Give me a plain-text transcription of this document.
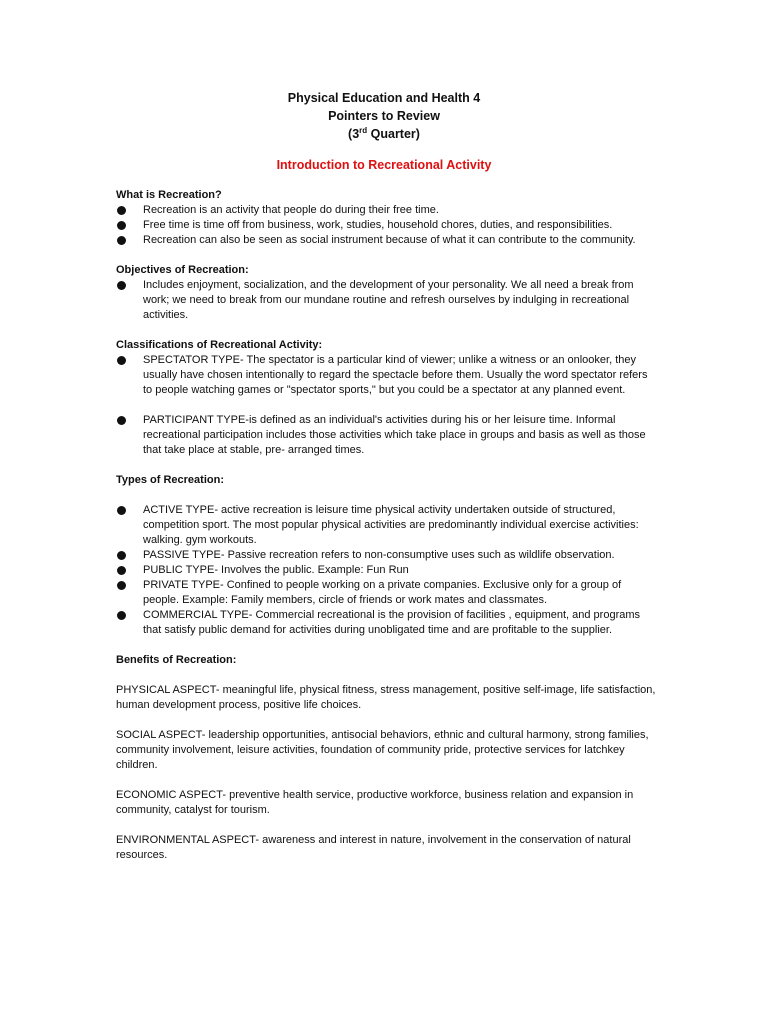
Physical Education and Health 4
Pointers to Review
(3rd Quarter)
Introduction to Recreational Activity
What is Recreation?
Recreation is an activity that people do during their free time.
Free time is time off from business, work, studies, household chores, duties, and responsibilities.
Recreation can also be seen as social instrument because of what it can contribute to the community.
Objectives of Recreation:
Includes enjoyment, socialization, and the development of your personality. We all need a break from work; we need to break from our mundane routine and refresh ourselves by indulging in recreational activities.
Classifications of Recreational Activity:
SPECTATOR TYPE- The spectator is a particular kind of viewer; unlike a witness or an onlooker, they usually have chosen intentionally to regard the spectacle before them. Usually the word spectator refers to people watching games or "spectator sports," but you could be a spectator at any planned event.
PARTICIPANT TYPE-is defined as an individual's activities during his or her leisure time. Informal recreational participation includes those activities which take place in groups and basis as well as those that take place at stable, pre- arranged times.
Types of Recreation:
ACTIVE TYPE- active recreation is leisure time physical activity undertaken outside of structured, competition sport. The most popular physical activities are predominantly individual exercise activities: walking. gym workouts.
PASSIVE TYPE- Passive recreation refers to non-consumptive uses such as wildlife observation.
PUBLIC TYPE- Involves the public. Example: Fun Run
PRIVATE TYPE- Confined to people working on a private companies. Exclusive only for a group of people. Example: Family members, circle of friends or work mates and classmates.
COMMERCIAL TYPE- Commercial recreational is the provision of facilities , equipment, and programs that satisfy public demand for activities during unobligated time and are profitable to the supplier.
Benefits of Recreation:

PHYSICAL ASPECT- meaningful life, physical fitness, stress management, positive self-image, life satisfaction, human development process, positive life choices.

SOCIAL ASPECT- leadership opportunities, antisocial behaviors, ethnic and cultural harmony, strong families, community involvement, leisure activities, foundation of community pride, protective services for latchkey children.

ECONOMIC ASPECT- preventive health service, productive workforce, business relation and expansion in community, catalyst for tourism.

ENVIRONMENTAL ASPECT- awareness and interest in nature, involvement in the conservation of natural resources.
